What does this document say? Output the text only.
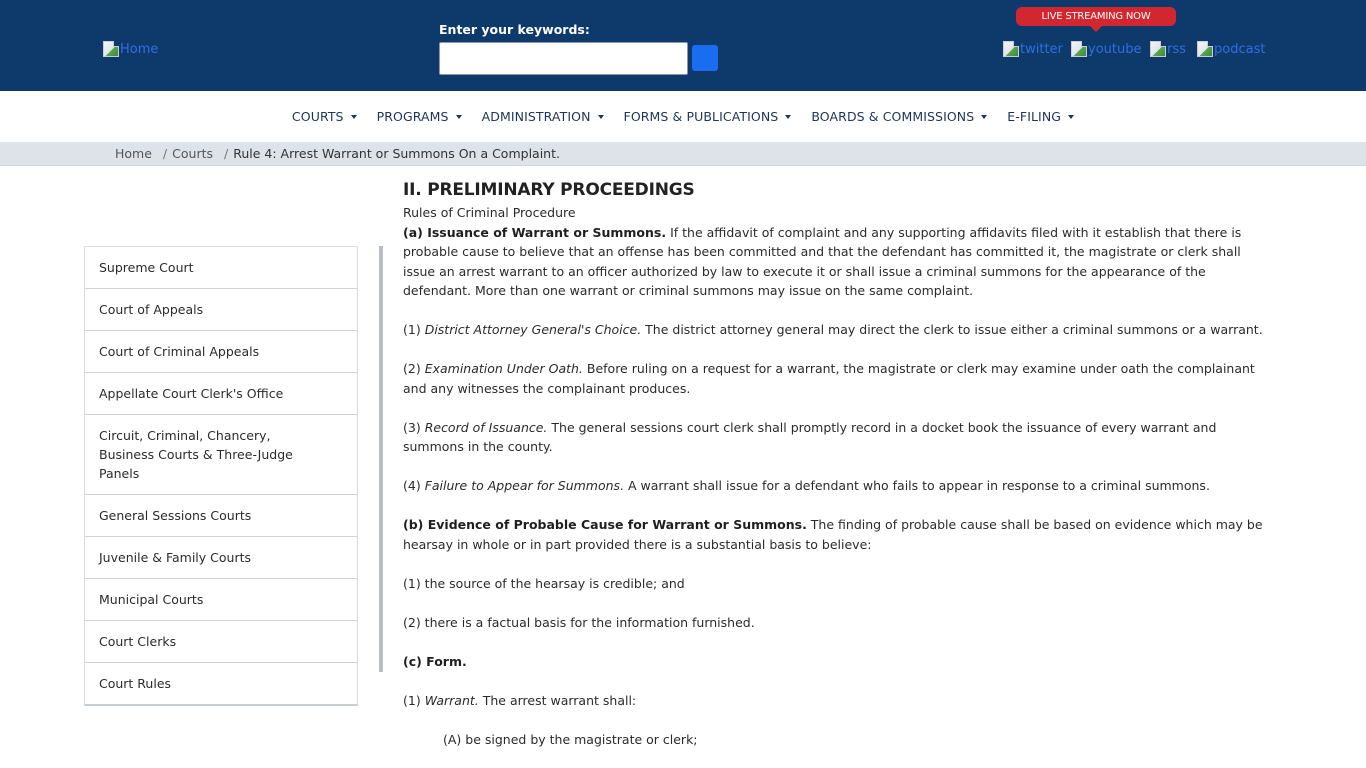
Home
Enter your keywords:
LIVE STREAMING NOW
twitter youtube rss podcast
COURTS	PROGRAMS	ADMINISTRATION	FORMS & PUBLICATIONS	BOARDS & COMMISSIONS	E-FILING
Home / Courts / Rule 4: Arrest Warrant or Summons On a Complaint.
Supreme Court
Court of Appeals
Court of Criminal Appeals
Appellate Court Clerk's Office
Circuit, Criminal, Chancery, Business Courts & Three-Judge Panels
General Sessions Courts
Juvenile & Family Courts
Municipal Courts
Court Clerks
Court Rules
II. PRELIMINARY PROCEEDINGS

Rules of Criminal Procedure

(a) Issuance of Warrant or Summons. If the affidavit of complaint and any supporting affidavits filed with it establish that there is probable cause to believe that an offense has been committed and that the defendant has committed it, the magistrate or clerk shall issue an arrest warrant to an officer authorized by law to execute it or shall issue a criminal summons for the appearance of the defendant. More than one warrant or criminal summons may issue on the same complaint.

(1) District Attorney General's Choice. The district attorney general may direct the clerk to issue either a criminal summons or a warrant.

(2) Examination Under Oath. Before ruling on a request for a warrant, the magistrate or clerk may examine under oath the complainant and any witnesses the complainant produces.

(3) Record of Issuance. The general sessions court clerk shall promptly record in a docket book the issuance of every warrant and summons in the county.

(4) Failure to Appear for Summons. A warrant shall issue for a defendant who fails to appear in response to a criminal summons.

(b) Evidence of Probable Cause for Warrant or Summons. The finding of probable cause shall be based on evidence which may be hearsay in whole or in part provided there is a substantial basis to believe:

(1) the source of the hearsay is credible; and

(2) there is a factual basis for the information furnished.

(c) Form.

(1) Warrant. The arrest warrant shall:

(A) be signed by the magistrate or clerk;
